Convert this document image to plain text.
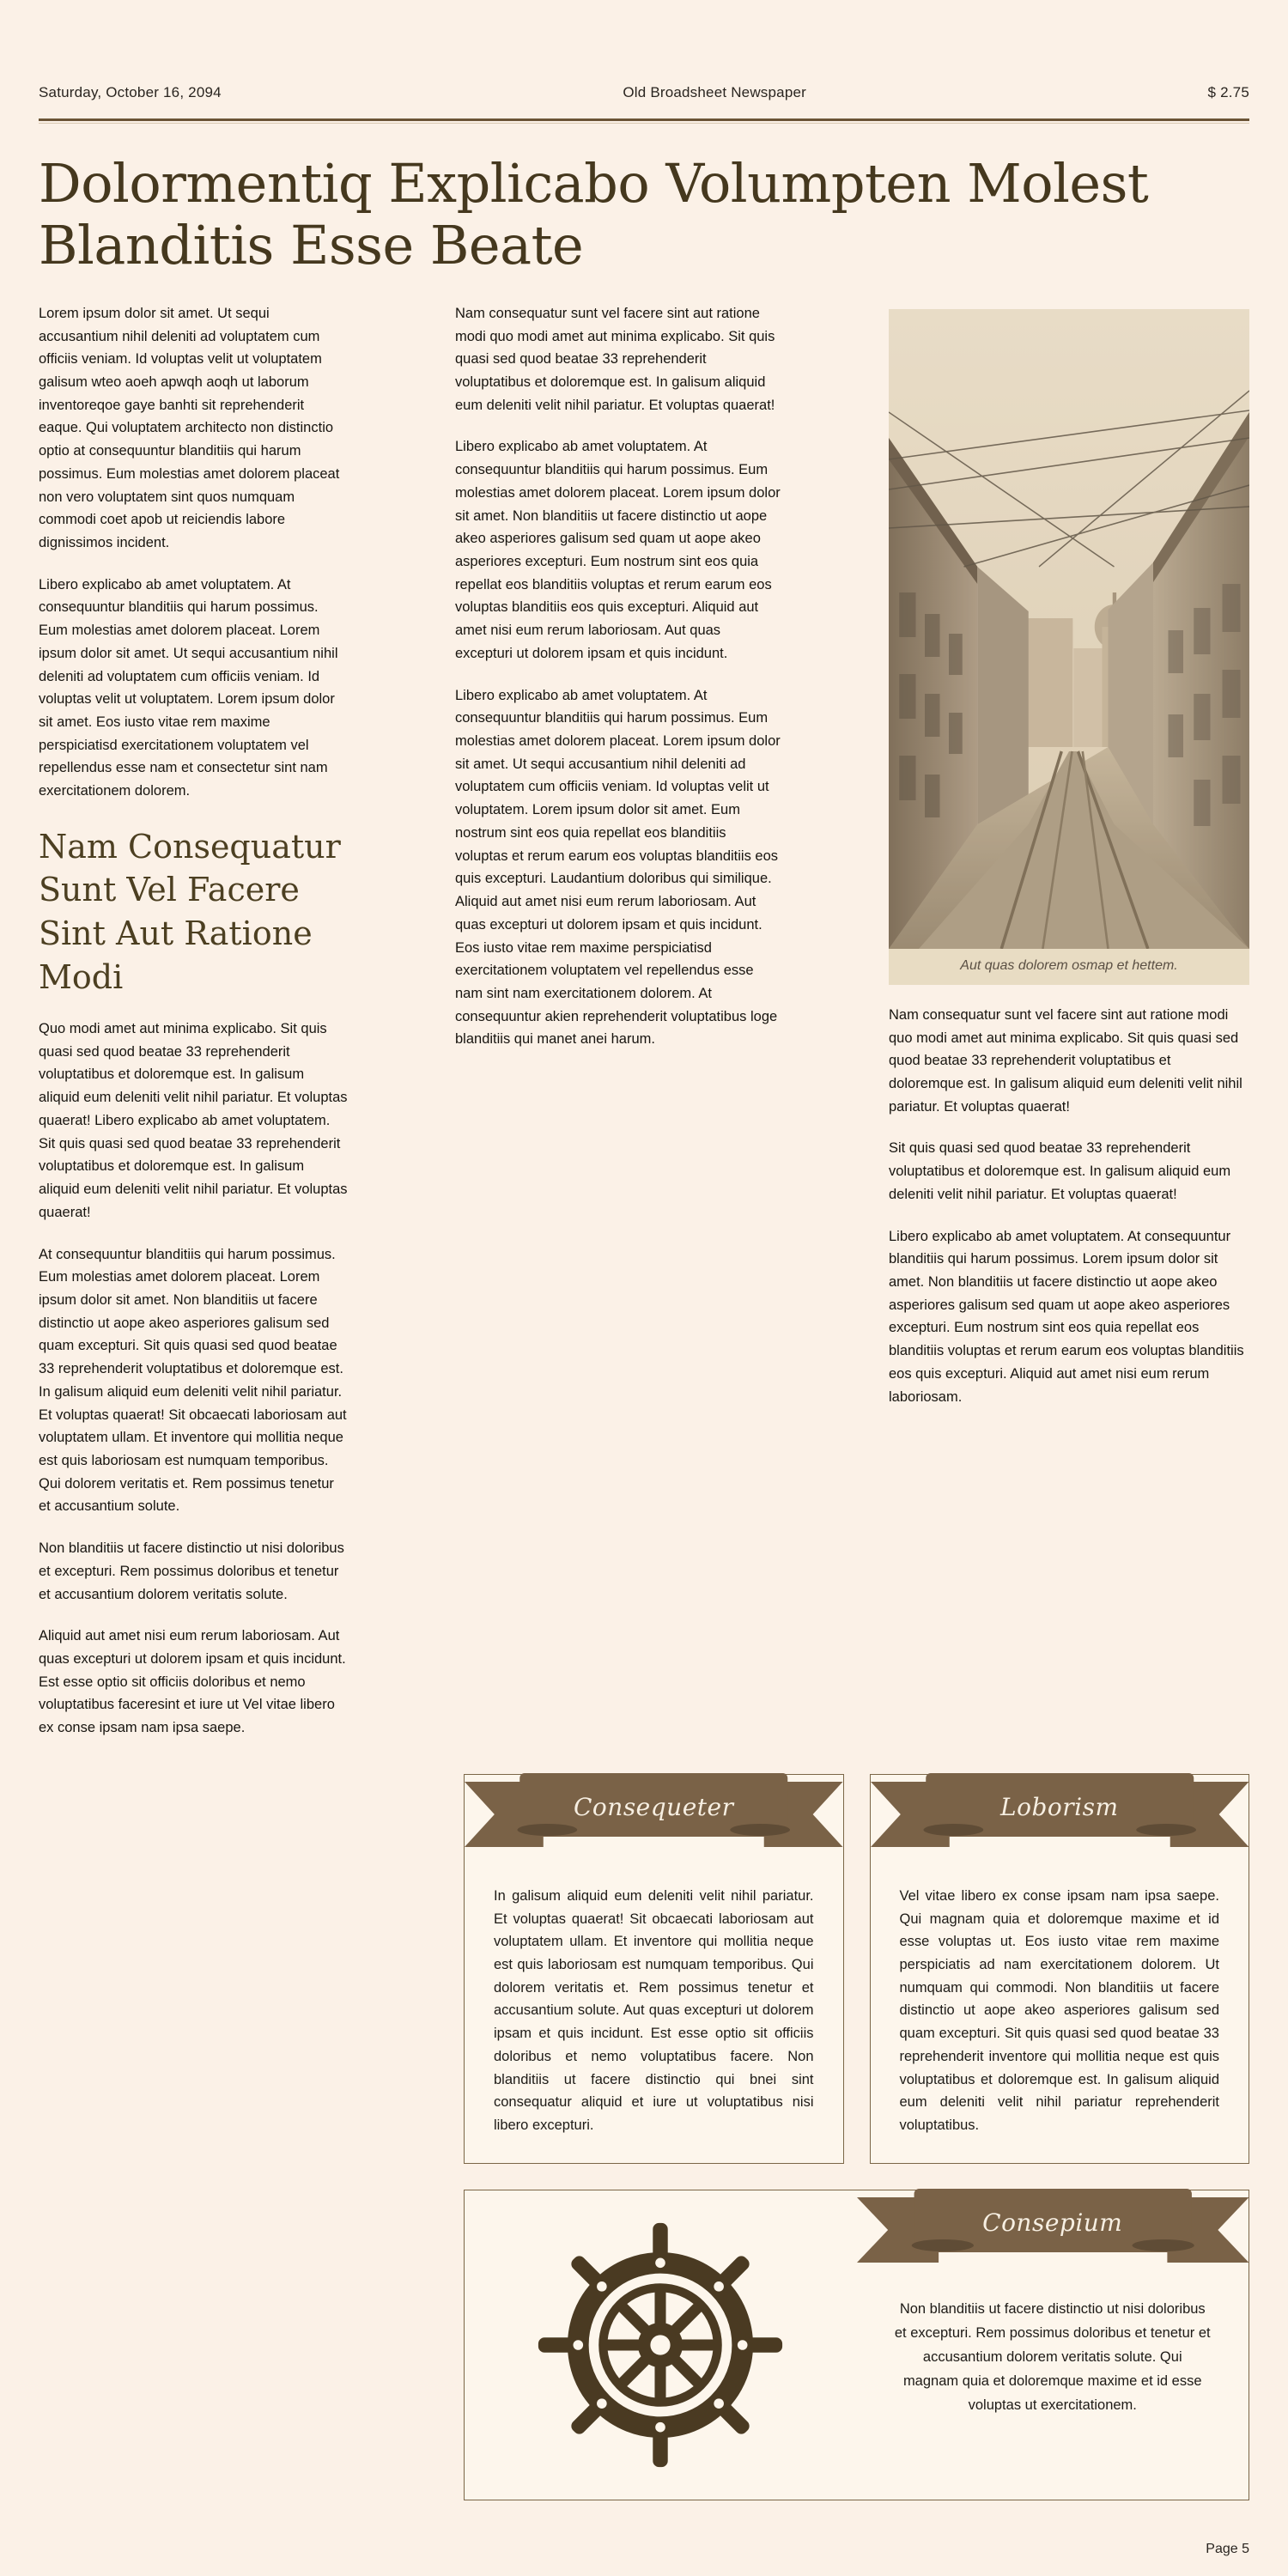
Saturday, October 16, 2094	Old Broadsheet Newspaper	$ 2.75
Dolormentiq Explicabo Volumpten Molest Blanditis Esse Beate

Lorem ipsum dolor sit amet. Ut sequi accusantium nihil deleniti ad voluptatem cum officiis veniam. Id voluptas velit ut voluptatem galisum wteo aoeh apwqh aoqh ut laborum inventoreqoe gaye banhti sit reprehenderit eaque. Qui voluptatem architecto non distinctio optio at consequuntur blanditiis qui harum possimus. Eum molestias amet dolorem placeat non vero voluptatem sint quos numquam commodi coet apob ut reiciendis labore dignissimos incident.

Libero explicabo ab amet voluptatem. At consequuntur blanditiis qui harum possimus. Eum molestias amet dolorem placeat. Lorem ipsum dolor sit amet. Ut sequi accusantium nihil deleniti ad voluptatem cum officiis veniam. Id voluptas velit ut voluptatem. Lorem ipsum dolor sit amet. Eos iusto vitae rem maxime perspiciatisd exercitationem voluptatem vel repellendus esse nam et consectetur sint nam exercitationem dolorem.

Nam Consequatur Sunt Vel Facere Sint Aut Ratione Modi

Quo modi amet aut minima explicabo. Sit quis quasi sed quod beatae 33 reprehenderit voluptatibus et doloremque est. In galisum aliquid eum deleniti velit nihil pariatur. Et voluptas quaerat! Libero explicabo ab amet voluptatem. Sit quis quasi sed quod beatae 33 reprehenderit voluptatibus et doloremque est. In galisum aliquid eum deleniti velit nihil pariatur. Et voluptas quaerat!

At consequuntur blanditiis qui harum possimus. Eum molestias amet dolorem placeat. Lorem ipsum dolor sit amet. Non blanditiis ut facere distinctio ut aope akeo asperiores galisum sed quam excepturi. Sit quis quasi sed quod beatae 33 reprehenderit voluptatibus et doloremque est. In galisum aliquid eum deleniti velit nihil pariatur. Et voluptas quaerat! Sit obcaecati laboriosam aut voluptatem ullam. Et inventore qui mollitia neque est quis laboriosam est numquam temporibus. Qui dolorem veritatis et. Rem possimus tenetur et accusantium solute.

Non blanditiis ut facere distinctio ut nisi doloribus et excepturi. Rem possimus doloribus et tenetur et accusantium dolorem veritatis solute.

Aliquid aut amet nisi eum rerum laboriosam. Aut quas excepturi ut dolorem ipsam et quis incidunt. Est esse optio sit officiis doloribus et nemo voluptatibus faceresint et iure ut Vel vitae libero ex conse ipsam nam ipsa saepe.

Nam consequatur sunt vel facere sint aut ratione modi quo modi amet aut minima explicabo. Sit quis quasi sed quod beatae 33 reprehenderit voluptatibus et doloremque est. In galisum aliquid eum deleniti velit nihil pariatur. Et voluptas quaerat!

Libero explicabo ab amet voluptatem. At consequuntur blanditiis qui harum possimus. Eum molestias amet dolorem placeat. Lorem ipsum dolor sit amet. Non blanditiis ut facere distinctio ut aope akeo asperiores galisum sed quam ut aope akeo asperiores excepturi. Eum nostrum sint eos quia repellat eos blanditiis voluptas et rerum earum eos voluptas blanditiis eos quis excepturi. Aliquid aut amet nisi eum rerum laboriosam. Aut quas excepturi ut dolorem ipsam et quis incidunt.

Libero explicabo ab amet voluptatem. At consequuntur blanditiis qui harum possimus. Eum molestias amet dolorem placeat. Lorem ipsum dolor sit amet. Ut sequi accusantium nihil deleniti ad voluptatem cum officiis veniam. Id voluptas velit ut voluptatem. Lorem ipsum dolor sit amet. Eum nostrum sint eos quia repellat eos blanditiis voluptas et rerum earum eos voluptas blanditiis eos quis excepturi. Laudantium doloribus qui similique. Aliquid aut amet nisi eum rerum laboriosam. Aut quas excepturi ut dolorem ipsam et quis incidunt. Eos iusto vitae rem maxime perspiciatisd exercitationem voluptatem vel repellendus esse nam sint nam exercitationem dolorem. At consequuntur akien reprehenderit voluptatibus loge blanditiis qui manet anei harum.

Aut quas dolorem osmap et hettem.

Nam consequatur sunt vel facere sint aut ratione modi quo modi amet aut minima explicabo. Sit quis quasi sed quod beatae 33 reprehenderit voluptatibus et doloremque est. In galisum aliquid eum deleniti velit nihil pariatur. Et voluptas quaerat!

Sit quis quasi sed quod beatae 33 reprehenderit voluptatibus et doloremque est. In galisum aliquid eum deleniti velit nihil pariatur. Et voluptas quaerat!

Libero explicabo ab amet voluptatem. At consequuntur blanditiis qui harum possimus. Lorem ipsum dolor sit amet. Non blanditiis ut facere distinctio ut aope akeo asperiores galisum sed quam ut aope akeo asperiores excepturi. Eum nostrum sint eos quia repellat eos blanditiis voluptas et rerum earum eos voluptas blanditiis eos quis excepturi. Aliquid aut amet nisi eum rerum laboriosam.

Consequeter
In galisum aliquid eum deleniti velit nihil pariatur. Et voluptas quaerat! Sit obcaecati laboriosam aut voluptatem ullam. Et inventore qui mollitia neque est quis laboriosam est numquam temporibus. Qui dolorem veritatis et. Rem possimus tenetur et accusantium solute. Aut quas excepturi ut dolorem ipsam et quis incidunt. Est esse optio sit officiis doloribus et nemo voluptatibus facere. Non blanditiis ut facere distinctio qui bnei sint consequatur aliquid et iure ut voluptatibus nisi libero excepturi.
Loborism
Vel vitae libero ex conse ipsam nam ipsa saepe. Qui magnam quia et doloremque maxime et id esse voluptas ut. Eos iusto vitae rem maxime perspiciatis ad nam exercitationem dolorem. Ut numquam qui commodi. Non blanditiis ut facere distinctio ut aope akeo asperiores galisum sed quam excepturi. Sit quis quasi sed quod beatae 33 reprehenderit inventore qui mollitia neque est quis voluptatibus et doloremque est. In galisum aliquid eum deleniti velit nihil pariatur reprehenderit voluptatibus.
Consepium
Non blanditiis ut facere distinctio ut nisi doloribus et excepturi. Rem possimus doloribus et tenetur et accusantium dolorem veritatis solute. Qui magnam quia et doloremque maxime et id esse voluptas ut exercitationem.
Page 5
